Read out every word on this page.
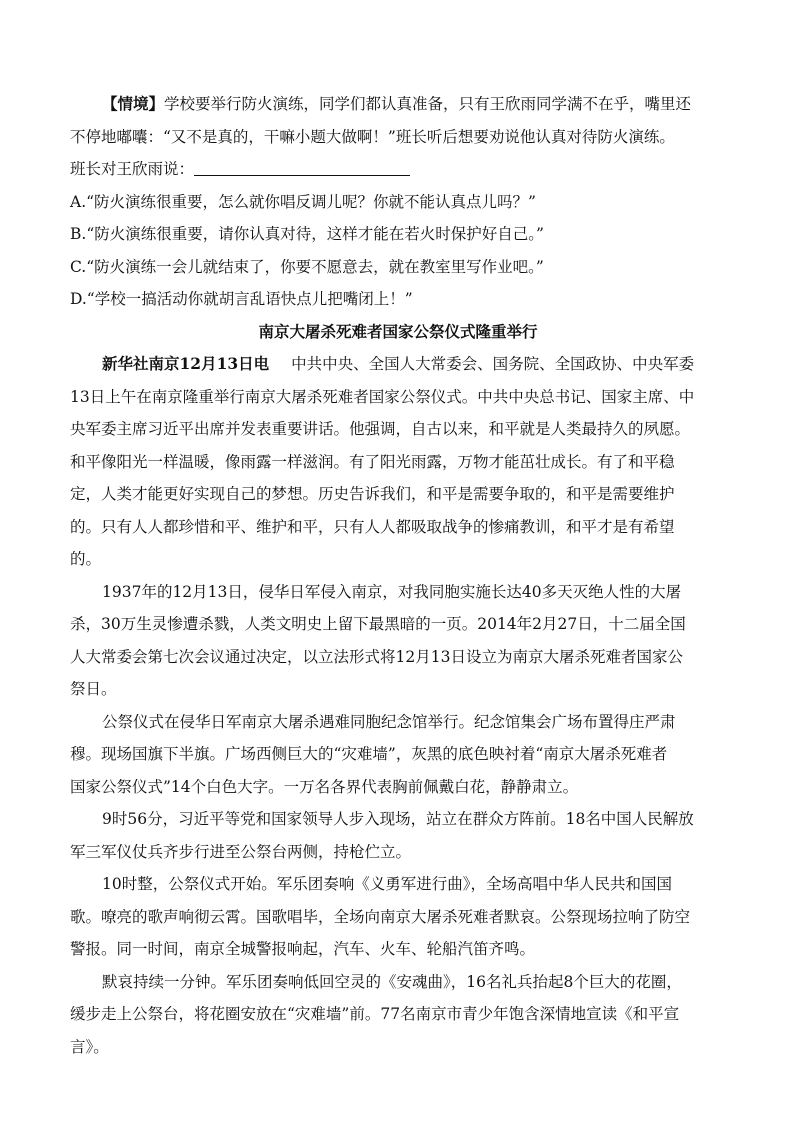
【情境】学校要举行防火演练，同学们都认真准备，只有王欣雨同学满不在乎，嘴里还
不停地嘟囔：“又不是真的，干嘛小题大做啊！”班长听后想要劝说他认真对待防火演练。
班长对王欣雨说：
A.“防火演练很重要，怎么就你唱反调儿呢？你就不能认真点儿吗？”
B.“防火演练很重要，请你认真对待，这样才能在若火时保护好自己。”
C.“防火演练一会儿就结束了，你要不愿意去，就在教室里写作业吧。”
D.“学校一搞活动你就胡言乱语快点儿把嘴闭上！”
南京大屠杀死难者国家公祭仪式隆重举行
新华社南京12月13日电 中共中央、全国人大常委会、国务院、全国政协、中央军委
13日上午在南京隆重举行南京大屠杀死难者国家公祭仪式。中共中央总书记、国家主席、中
央军委主席习近平出席并发表重要讲话。他强调，自古以来，和平就是人类最持久的夙愿。
和平像阳光一样温暖，像雨露一样滋润。有了阳光雨露，万物才能茁壮成长。有了和平稳
定，人类才能更好实现自己的梦想。历史告诉我们，和平是需要争取的，和平是需要维护
的。只有人人都珍惜和平、维护和平，只有人人都吸取战争的惨痛教训，和平才是有希望
的。
1937年的12月13日，侵华日军侵入南京，对我同胞实施长达40多天灭绝人性的大屠
杀，30万生灵惨遭杀戮，人类文明史上留下最黑暗的一页。2014年2月27日，十二届全国
人大常委会第七次会议通过决定，以立法形式将12月13日设立为南京大屠杀死难者国家公
祭日。
公祭仪式在侵华日军南京大屠杀遇难同胞纪念馆举行。纪念馆集会广场布置得庄严肃
穆。现场国旗下半旗。广场西侧巨大的“灾难墙”，灰黑的底色映衬着“南京大屠杀死难者
国家公祭仪式”14个白色大字。一万名各界代表胸前佩戴白花，静静肃立。
9时56分，习近平等党和国家领导人步入现场，站立在群众方阵前。18名中国人民解放
军三军仪仗兵齐步行进至公祭台两侧，持枪伫立。
10时整，公祭仪式开始。军乐团奏响《义勇军进行曲》，全场高唱中华人民共和国国
歌。嘹亮的歌声响彻云霄。国歌唱毕，全场向南京大屠杀死难者默哀。公祭现场拉响了防空
警报。同一时间，南京全城警报响起，汽车、火车、轮船汽笛齐鸣。
默哀持续一分钟。军乐团奏响低回空灵的《安魂曲》，16名礼兵抬起8个巨大的花圈，
缓步走上公祭台，将花圈安放在“灾难墙”前。77名南京市青少年饱含深情地宣读《和平宣
言》。
